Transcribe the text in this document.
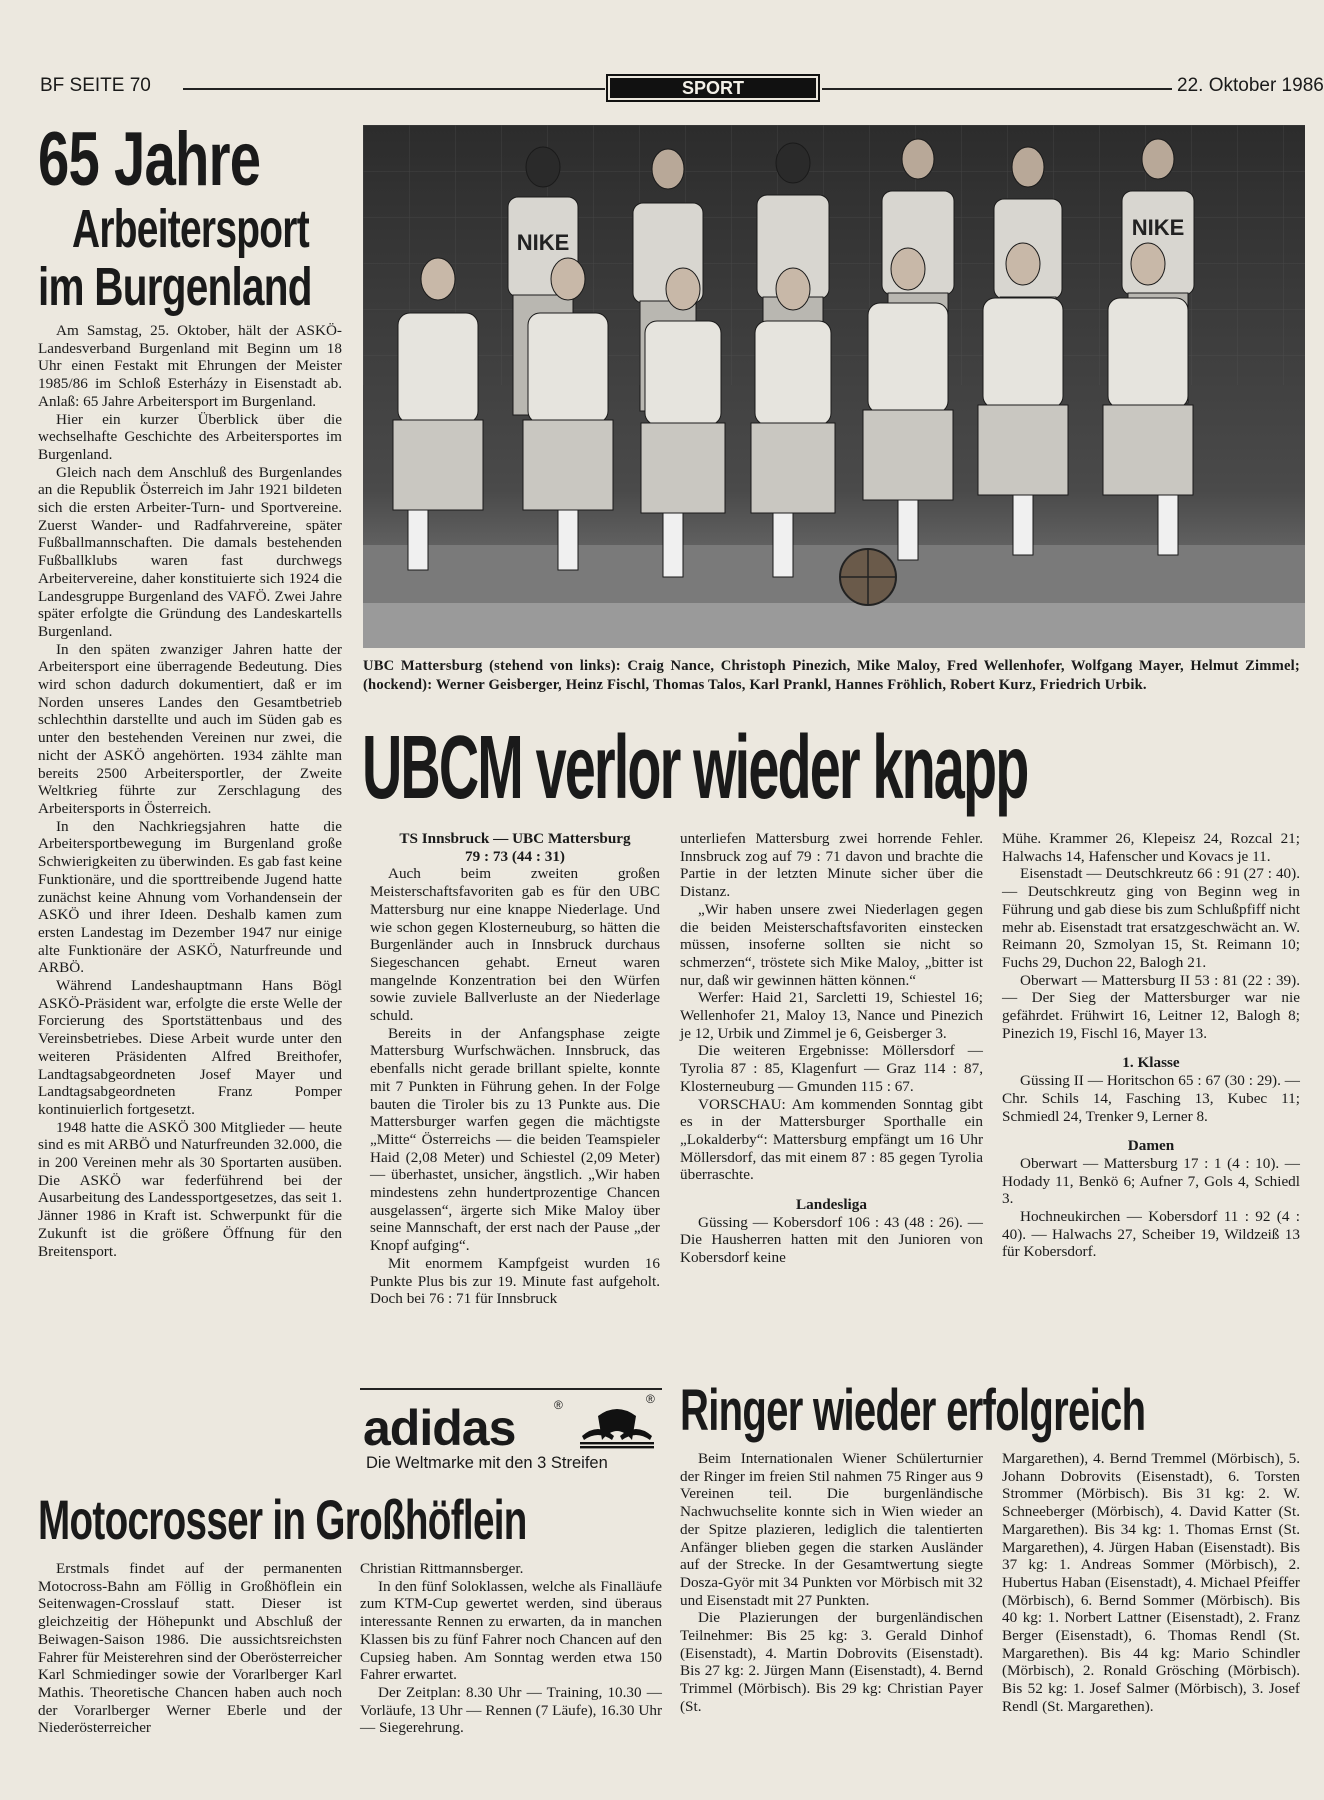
BF SEITE 70	SPORT	22. Oktober 1986
65 Jahre
Arbeitersport
im Burgenland

Am Samstag, 25. Oktober, hält der ASKÖ-Landesverband Burgenland mit Beginn um 18 Uhr einen Festakt mit Ehrungen der Meister 1985/86 im Schloß Esterházy in Eisenstadt ab. Anlaß: 65 Jahre Arbeitersport im Burgenland.

Hier ein kurzer Überblick über die wechselhafte Geschichte des Arbeitersportes im Burgenland.

Gleich nach dem Anschluß des Burgenlandes an die Republik Österreich im Jahr 1921 bildeten sich die ersten Arbeiter-Turn- und Sportvereine. Zuerst Wander- und Radfahrvereine, später Fußballmannschaften. Die damals bestehenden Fußballklubs waren fast durchwegs Arbeitervereine, daher konstituierte sich 1924 die Landesgruppe Burgenland des VAFÖ. Zwei Jahre später erfolgte die Gründung des Landeskartells Burgenland.

In den späten zwanziger Jahren hatte der Arbeitersport eine überragende Bedeutung. Dies wird schon dadurch dokumentiert, daß er im Norden unseres Landes den Gesamtbetrieb schlechthin darstellte und auch im Süden gab es unter den bestehenden Vereinen nur zwei, die nicht der ASKÖ angehörten. 1934 zählte man bereits 2500 Arbeitersportler, der Zweite Weltkrieg führte zur Zerschlagung des Arbeitersports in Österreich.

In den Nachkriegsjahren hatte die Arbeitersportbewegung im Burgenland große Schwierigkeiten zu überwinden. Es gab fast keine Funktionäre, und die sporttreibende Jugend hatte zunächst keine Ahnung vom Vorhandensein der ASKÖ und ihrer Ideen. Deshalb kamen zum ersten Landestag im Dezember 1947 nur einige alte Funktionäre der ASKÖ, Naturfreunde und ARBÖ.

Während Landeshauptmann Hans Bögl ASKÖ-Präsident war, erfolgte die erste Welle der Forcierung des Sportstättenbaus und des Vereinsbetriebes. Diese Arbeit wurde unter den weiteren Präsidenten Alfred Breithofer, Landtagsabgeordneten Josef Mayer und Landtagsabgeordneten Franz Pomper kontinuierlich fortgesetzt.

1948 hatte die ASKÖ 300 Mitglieder — heute sind es mit ARBÖ und Naturfreunden 32.000, die in 200 Vereinen mehr als 30 Sportarten ausüben. Die ASKÖ war federführend bei der Ausarbeitung des Landessportgesetzes, das seit 1. Jänner 1986 in Kraft ist. Schwerpunkt für die Zukunft ist die größere Öffnung für den Breitensport.

NIKE
NIKE
UBC Mattersburg (stehend von links): Craig Nance, Christoph Pinezich, Mike Maloy, Fred Wellenhofer, Wolfgang Mayer, Helmut Zimmel; (hockend): Werner Geisberger, Heinz Fischl, Thomas Talos, Karl Prankl, Hannes Fröhlich, Robert Kurz, Friedrich Urbik.
UBCM verlor wieder knapp

TS Innsbruck — UBC Mattersburg

79 : 73 (44 : 31)

Auch beim zweiten großen Meisterschaftsfavoriten gab es für den UBC Mattersburg nur eine knappe Niederlage. Und wie schon gegen Klosterneuburg, so hätten die Burgenländer auch in Innsbruck durchaus Siegeschancen gehabt. Erneut waren mangelnde Konzentration bei den Würfen sowie zuviele Ballverluste an der Niederlage schuld.

Bereits in der Anfangsphase zeigte Mattersburg Wurfschwächen. Innsbruck, das ebenfalls nicht gerade brillant spielte, konnte mit 7 Punkten in Führung gehen. In der Folge bauten die Tiroler bis zu 13 Punkte aus. Die Mattersburger warfen gegen die mächtigste „Mitte“ Österreichs — die beiden Teamspieler Haid (2,08 Meter) und Schiestel (2,09 Meter) — überhastet, unsicher, ängstlich. „Wir haben mindestens zehn hundertprozentige Chancen ausgelassen“, ärgerte sich Mike Maloy über seine Mannschaft, der erst nach der Pause „der Knopf aufging“.

Mit enormem Kampfgeist wurden 16 Punkte Plus bis zur 19. Minute fast aufgeholt. Doch bei 76 : 71 für Innsbruck

unterliefen Mattersburg zwei horrende Fehler. Innsbruck zog auf 79 : 71 davon und brachte die Partie in der letzten Minute sicher über die Distanz.

„Wir haben unsere zwei Niederlagen gegen die beiden Meisterschaftsfavoriten einstecken müssen, insoferne sollten sie nicht so schmerzen“, tröstete sich Mike Maloy, „bitter ist nur, daß wir gewinnen hätten können.“

Werfer: Haid 21, Sarcletti 19, Schiestel 16; Wellenhofer 21, Maloy 13, Nance und Pinezich je 12, Urbik und Zimmel je 6, Geisberger 3.

Die weiteren Ergebnisse: Möllersdorf — Tyrolia 87 : 85, Klagenfurt — Graz 114 : 87, Klosterneuburg — Gmunden 115 : 67.

VORSCHAU: Am kommenden Sonntag gibt es in der Mattersburger Sporthalle ein „Lokalderby“: Mattersburg empfängt um 16 Uhr Möllersdorf, das mit einem 87 : 85 gegen Tyrolia überraschte.

Landesliga

Güssing — Kobersdorf 106 : 43 (48 : 26). — Die Hausherren hatten mit den Junioren von Kobersdorf keine

Mühe. Krammer 26, Klepeisz 24, Rozcal 21; Halwachs 14, Hafenscher und Kovacs je 11.

Eisenstadt — Deutschkreutz 66 : 91 (27 : 40). — Deutschkreutz ging von Beginn weg in Führung und gab diese bis zum Schlußpfiff nicht mehr ab. Eisenstadt trat ersatzgeschwächt an. W. Reimann 20, Szmolyan 15, St. Reimann 10; Fuchs 29, Duchon 22, Balogh 21.

Oberwart — Mattersburg II 53 : 81 (22 : 39). — Der Sieg der Mattersburger war nie gefährdet. Frühwirt 16, Leitner 12, Balogh 8; Pinezich 19, Fischl 16, Mayer 13.

1. Klasse

Güssing II — Horitschon 65 : 67 (30 : 29). — Chr. Schils 14, Fasching 13, Kubec 11; Schmiedl 24, Trenker 9, Lerner 8.

Damen

Oberwart — Mattersburg 17 : 1 (4 : 10). — Hodady 11, Benkö 6; Aufner 7, Gols 4, Schiedl 3.

Hochneukirchen — Kobersdorf 11 : 92 (4 : 40). — Halwachs 27, Scheiber 19, Wildzeiß 13 für Kobersdorf.

adidas	®	®
Die Weltmarke mit den 3 Streifen
Motocrosser in Großhöflein

Erstmals findet auf der permanenten Motocross-Bahn am Föllig in Großhöflein ein Seitenwagen-Crosslauf statt. Dieser ist gleichzeitig der Höhepunkt und Abschluß der Beiwagen-Saison 1986. Die aussichtsreichsten Fahrer für Meisterehren sind der Oberösterreicher Karl Schmiedinger sowie der Vorarlberger Karl Mathis. Theoretische Chancen haben auch noch der Vorarlberger Werner Eberle und der Niederösterreicher

Christian Rittmannsberger.

In den fünf Soloklassen, welche als Finalläufe zum KTM-Cup gewertet werden, sind überaus interessante Rennen zu erwarten, da in manchen Klassen bis zu fünf Fahrer noch Chancen auf den Cupsieg haben. Am Sonntag werden etwa 150 Fahrer erwartet.

Der Zeitplan: 8.30 Uhr — Training, 10.30 — Vorläufe, 13 Uhr — Rennen (7 Läufe), 16.30 Uhr — Siegerehrung.

Ringer wieder erfolgreich

Beim Internationalen Wiener Schülerturnier der Ringer im freien Stil nahmen 75 Ringer aus 9 Vereinen teil. Die burgenländische Nachwuchselite konnte sich in Wien wieder an der Spitze plazieren, lediglich die talentierten Anfänger blieben gegen die starken Ausländer auf der Strecke. In der Gesamtwertung siegte Dosza-Györ mit 34 Punkten vor Mörbisch mit 32 und Eisenstadt mit 27 Punkten.

Die Plazierungen der burgenländischen Teilnehmer: Bis 25 kg: 3. Gerald Dinhof (Eisenstadt), 4. Martin Dobrovits (Eisenstadt). Bis 27 kg: 2. Jürgen Mann (Eisenstadt), 4. Bernd Trimmel (Mörbisch). Bis 29 kg: Christian Payer (St.

Margarethen), 4. Bernd Tremmel (Mörbisch), 5. Johann Dobrovits (Eisenstadt), 6. Torsten Strommer (Mörbisch). Bis 31 kg: 2. W. Schneeberger (Mörbisch), 4. David Katter (St. Margarethen). Bis 34 kg: 1. Thomas Ernst (St. Margarethen), 4. Jürgen Haban (Eisenstadt). Bis 37 kg: 1. Andreas Sommer (Mörbisch), 2. Hubertus Haban (Eisenstadt), 4. Michael Pfeiffer (Mörbisch), 6. Bernd Sommer (Mörbisch). Bis 40 kg: 1. Norbert Lattner (Eisenstadt), 2. Franz Berger (Eisenstadt), 6. Thomas Rendl (St. Margarethen). Bis 44 kg: Mario Schindler (Mörbisch), 2. Ronald Grösching (Mörbisch). Bis 52 kg: 1. Josef Salmer (Mörbisch), 3. Josef Rendl (St. Margarethen).
